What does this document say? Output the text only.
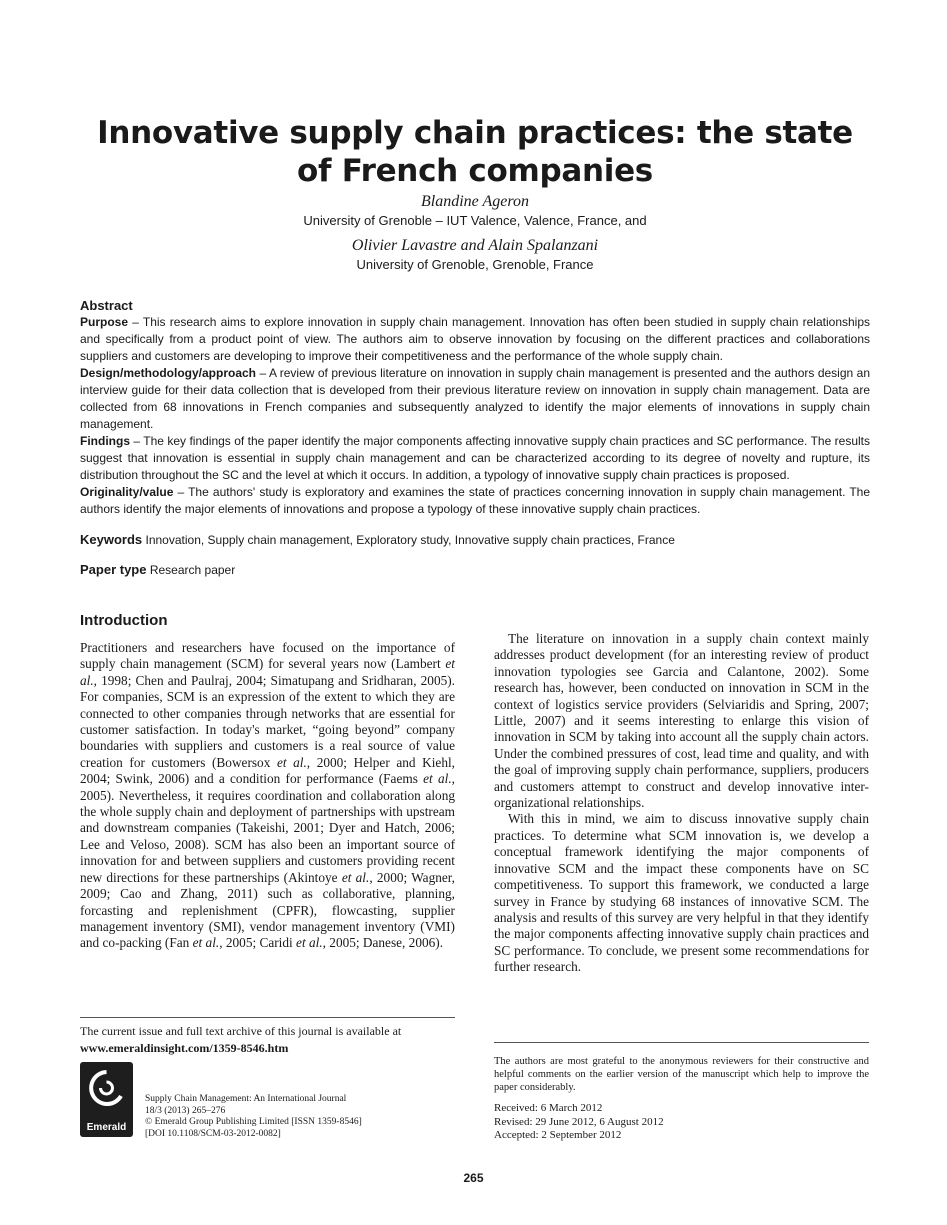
Innovative supply chain practices: the state of French companies
Blandine Ageron
University of Grenoble – IUT Valence, Valence, France, and
Olivier Lavastre and Alain Spalanzani
University of Grenoble, Grenoble, France
Abstract

Purpose – This research aims to explore innovation in supply chain management. Innovation has often been studied in supply chain relationships and specifically from a product point of view. The authors aim to observe innovation by focusing on the different practices and collaborations suppliers and customers are developing to improve their competitiveness and the performance of the whole supply chain.

Design/methodology/approach – A review of previous literature on innovation in supply chain management is presented and the authors design an interview guide for their data collection that is developed from their previous literature review on innovation in supply chain management. Data are collected from 68 innovations in French companies and subsequently analyzed to identify the major elements of innovations in supply chain management.

Findings – The key findings of the paper identify the major components affecting innovative supply chain practices and SC performance. The results suggest that innovation is essential in supply chain management and can be characterized according to its degree of novelty and rupture, its distribution throughout the SC and the level at which it occurs. In addition, a typology of innovative supply chain practices is proposed.

Originality/value – The authors' study is exploratory and examines the state of practices concerning innovation in supply chain management. The authors identify the major elements of innovations and propose a typology of these innovative supply chain practices.

Keywords Innovation, Supply chain management, Exploratory study, Innovative supply chain practices, France
Paper type Research paper
Introduction

Practitioners and researchers have focused on the importance of supply chain management (SCM) for several years now (Lambert et al., 1998; Chen and Paulraj, 2004; Simatupang and Sridharan, 2005). For companies, SCM is an expression of the extent to which they are connected to other companies through networks that are essential for customer satisfaction. In today's market, “going beyond” company boundaries with suppliers and customers is a real source of value creation for customers (Bowersox et al., 2000; Helper and Kiehl, 2004; Swink, 2006) and a condition for performance (Faems et al., 2005). Nevertheless, it requires coordination and collaboration along the whole supply chain and deployment of partnerships with upstream and downstream companies (Takeishi, 2001; Dyer and Hatch, 2006; Lee and Veloso, 2008). SCM has also been an important source of innovation for and between suppliers and customers providing recent new directions for these partnerships (Akintoye et al., 2000; Wagner, 2009; Cao and Zhang, 2011) such as collaborative, planning, forcasting and replenishment (CPFR), flowcasting, supplier management inventory (SMI), vendor management inventory (VMI) and co-packing (Fan et al., 2005; Caridi et al., 2005; Danese, 2006).

The literature on innovation in a supply chain context mainly addresses product development (for an interesting review of product innovation typologies see Garcia and Calantone, 2002). Some research has, however, been conducted on innovation in SCM in the context of logistics service providers (Selviaridis and Spring, 2007; Little, 2007) and it seems interesting to enlarge this vision of innovation in SCM by taking into account all the supply chain actors. Under the combined pressures of cost, lead time and quality, and with the goal of improving supply chain performance, suppliers, producers and customers attempt to construct and develop innovative inter-organizational relationships.

With this in mind, we aim to discuss innovative supply chain practices. To determine what SCM innovation is, we develop a conceptual framework identifying the major components of innovative SCM and the impact these components have on SC competitiveness. To support this framework, we conducted a large survey in France by studying 68 instances of innovative SCM. The analysis and results of this survey are very helpful in that they identify the major components affecting innovative supply chain practices and SC performance. To conclude, we present some recommendations for further research.

The current issue and full text archive of this journal is available at
www.emeraldinsight.com/1359-8546.htm
Emerald
Supply Chain Management: An International Journal
18/3 (2013) 265–276
© Emerald Group Publishing Limited [ISSN 1359-8546]
[DOI 10.1108/SCM-03-2012-0082]
The authors are most grateful to the anonymous reviewers for their constructive and helpful comments on the earlier version of the manuscript which help to improve the paper considerably.
Received: 6 March 2012
Revised: 29 June 2012, 6 August 2012
Accepted: 2 September 2012
265
